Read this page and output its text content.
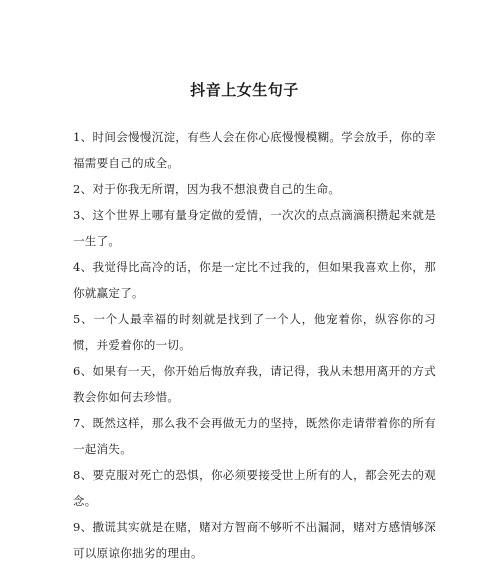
抖音上女生句子

1、时间会慢慢沉淀，有些人会在你心底慢慢模糊。学会放手，你的幸福需要自己的成全。

2、对于你我无所谓，因为我不想浪费自己的生命。

3、这个世界上哪有量身定做的爱情，一次次的点点滴滴积攒起来就是一生了。

4、我觉得比高冷的话，你是一定比不过我的，但如果我喜欢上你，那你就赢定了。

5、一个人最幸福的时刻就是找到了一个人，他宠着你，纵容你的习惯，并爱着你的一切。

6、如果有一天，你开始后悔放弃我，请记得，我从未想用离开的方式教会你如何去珍惜。

7、既然这样，那么我不会再做无力的坚持，既然你走请带着你的所有一起消失。

8、要克服对死亡的恐惧，你必须要接受世上所有的人，都会死去的观念。

9、撒谎其实就是在赌，赌对方智商不够听不出漏洞，赌对方感情够深可以原谅你拙劣的理由。
